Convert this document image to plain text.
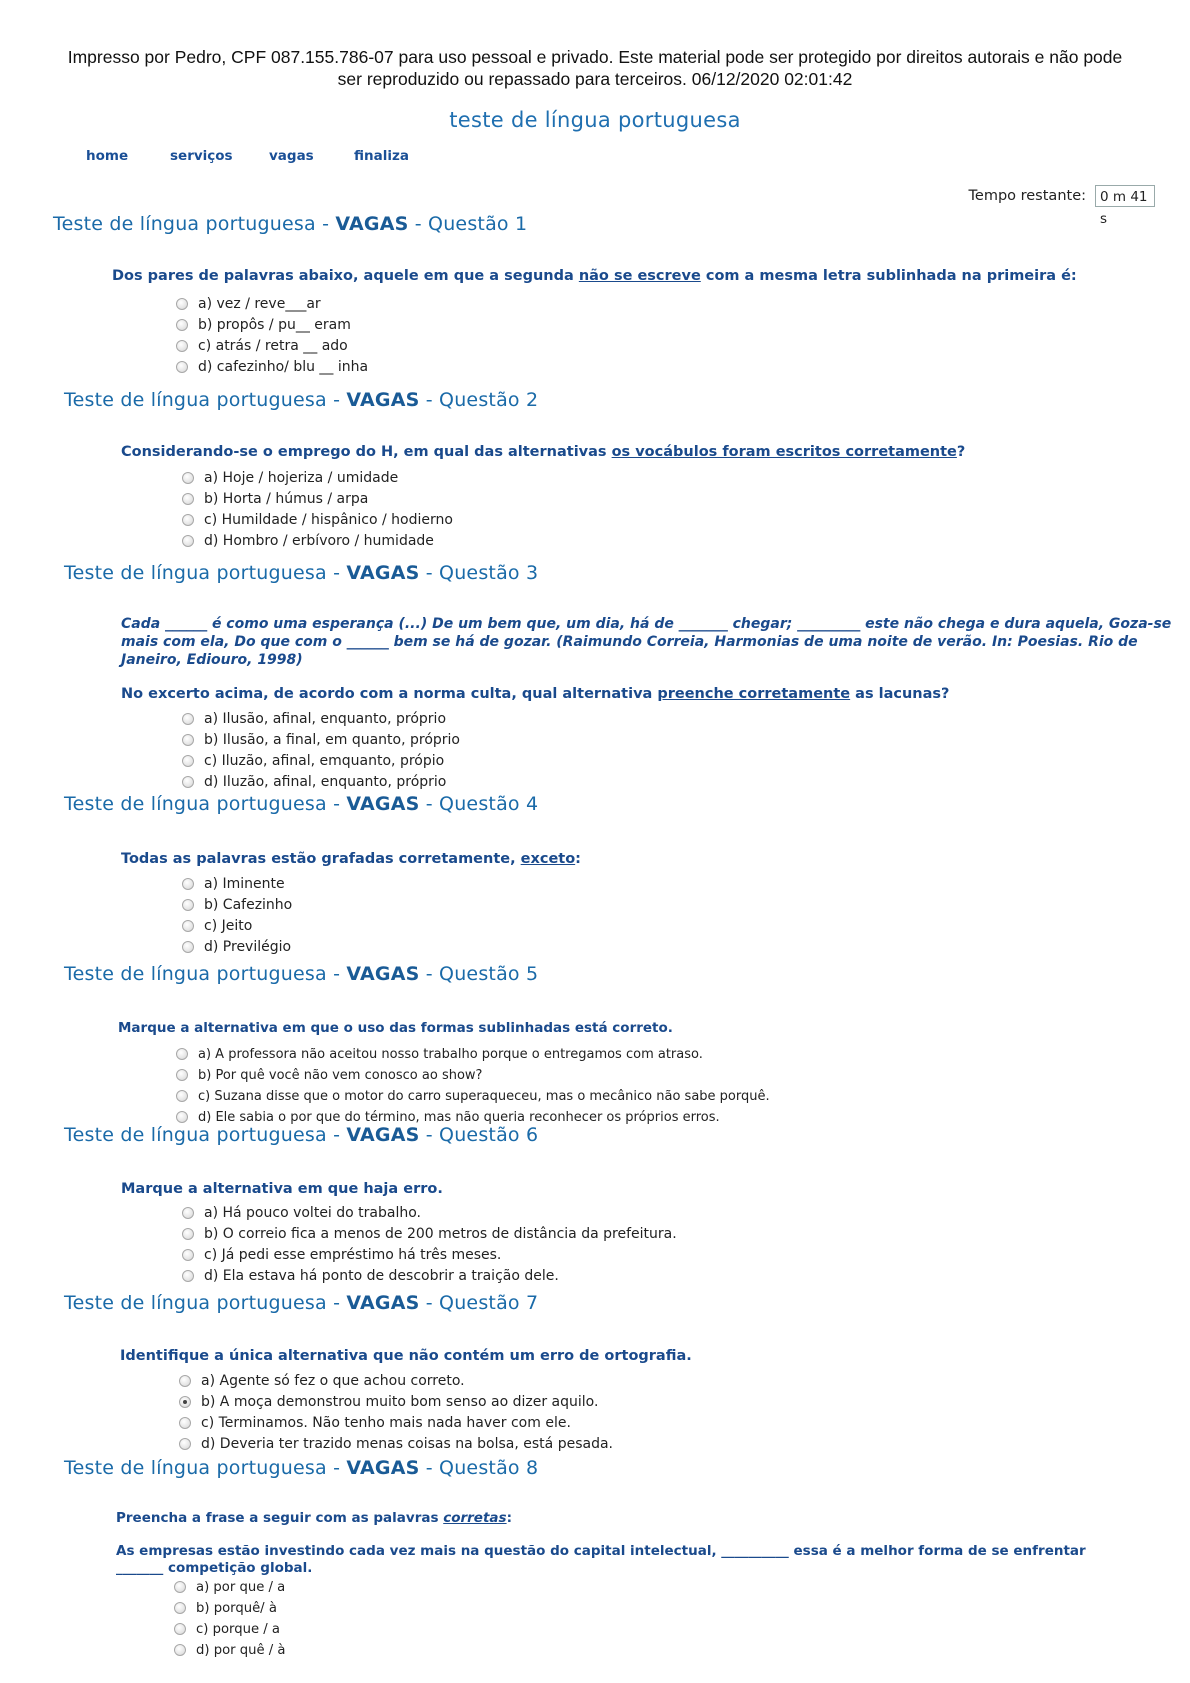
Impresso por Pedro, CPF 087.155.786-07 para uso pessoal e privado. Este material pode ser protegido por direitos autorais e não pode
ser reproduzido ou repassado para terceiros. 06/12/2020 02:01:42
teste de língua portuguesa
home	serviços	vagas	finaliza
Tempo restante:	0 m 41 s
Teste de língua portuguesa - VAGAS - Questão 1
Dos pares de palavras abaixo, aquele em que a segunda não se escreve com a mesma letra sublinhada na primeira é:
a) vez / reve___ar
b) propôs / pu__ eram
c) atrás / retra __ ado
d) cafezinho/ blu __ inha
Teste de língua portuguesa - VAGAS - Questão 2
Considerando-se o emprego do H, em qual das alternativas os vocábulos foram escritos corretamente?
a) Hoje / hojeriza / umidade
b) Horta / húmus / arpa
c) Humildade / hispânico / hodierno
d) Hombro / erbívoro / humidade
Teste de língua portuguesa - VAGAS - Questão 3
Cada ______ é como uma esperança (...) De um bem que, um dia, há de _______ chegar; _________ este não chega e dura aquela, Goza-se mais com ela, Do que com o ______ bem se há de gozar. (Raimundo Correia, Harmonias de uma noite de verão. In: Poesias. Rio de Janeiro, Ediouro, 1998)
No excerto acima, de acordo com a norma culta, qual alternativa preenche corretamente as lacunas?
a) Ilusão, afinal, enquanto, próprio
b) Ilusão, a final, em quanto, próprio
c) Iluzão, afinal, emquanto, própio
d) Iluzão, afinal, enquanto, próprio
Teste de língua portuguesa - VAGAS - Questão 4
Todas as palavras estão grafadas corretamente, exceto:
a) Iminente
b) Cafezinho
c) Jeito
d) Previlégio
Teste de língua portuguesa - VAGAS - Questão 5
Marque a alternativa em que o uso das formas sublinhadas está correto.
a) A professora não aceitou nosso trabalho porque o entregamos com atraso.
b) Por quê você não vem conosco ao show?
c) Suzana disse que o motor do carro superaqueceu, mas o mecânico não sabe porquê.
d) Ele sabia o por que do término, mas não queria reconhecer os próprios erros.
Teste de língua portuguesa - VAGAS - Questão 6
Marque a alternativa em que haja erro.
a) Há pouco voltei do trabalho.
b) O correio fica a menos de 200 metros de distância da prefeitura.
c) Já pedi esse empréstimo há três meses.
d) Ela estava há ponto de descobrir a traição dele.
Teste de língua portuguesa - VAGAS - Questão 7
Identifique a única alternativa que não contém um erro de ortografia.
a) Agente só fez o que achou correto.
b) A moça demonstrou muito bom senso ao dizer aquilo.
c) Terminamos. Não tenho mais nada haver com ele.
d) Deveria ter trazido menas coisas na bolsa, está pesada.
Teste de língua portuguesa - VAGAS - Questão 8
Preencha a frase a seguir com as palavras corretas:
As empresas estão investindo cada vez mais na questão do capital intelectual, __________ essa é a melhor forma de se enfrentar
_______ competição global.
a) por que / a
b) porquê/ à
c) porque / a
d) por quê / à
